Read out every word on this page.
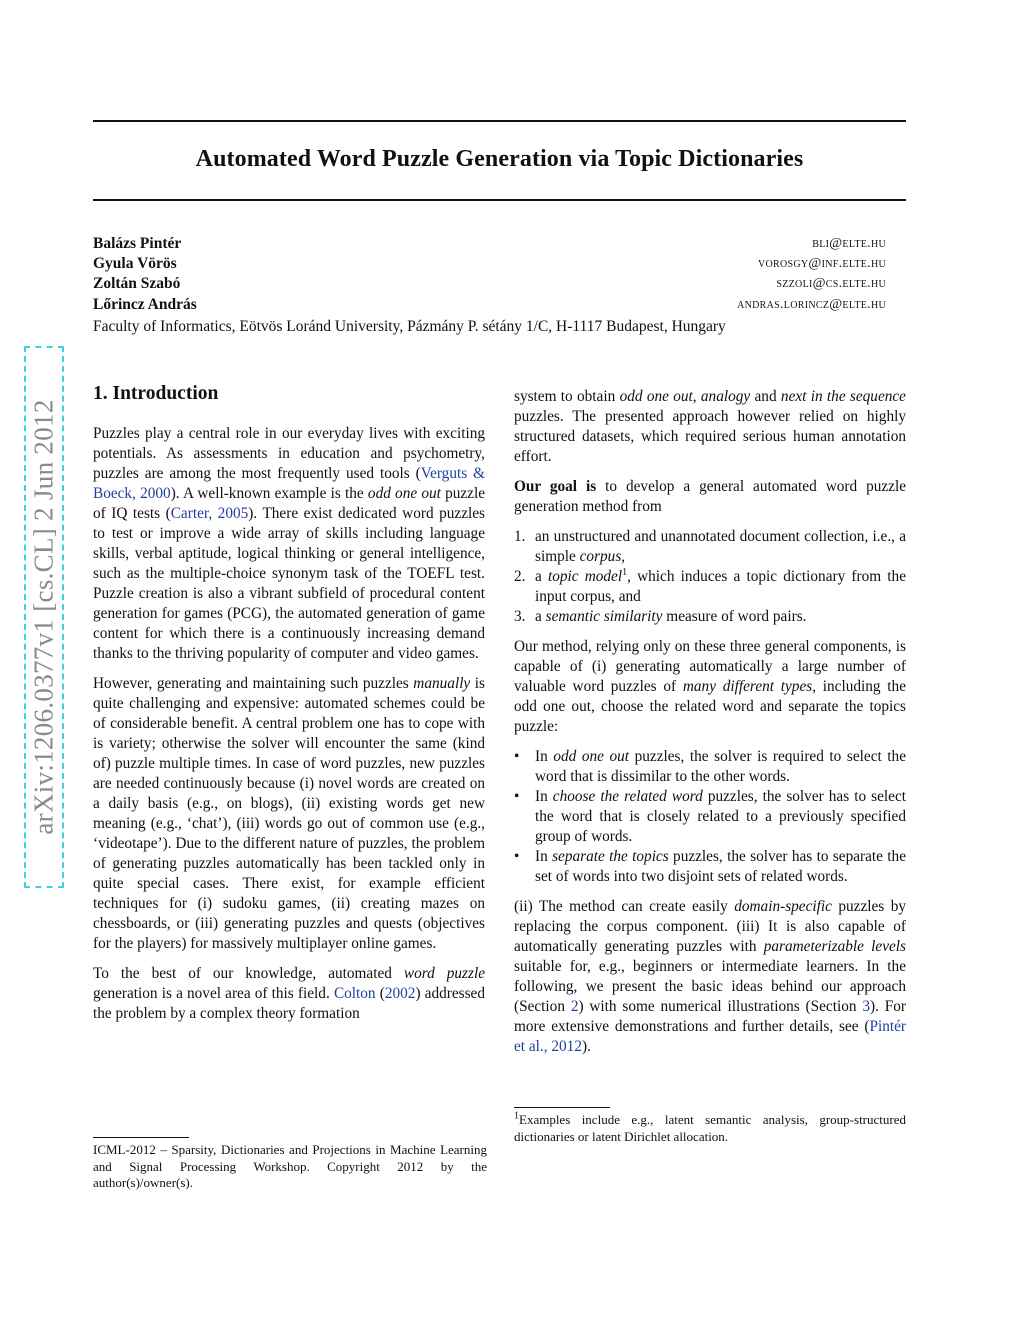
Automated Word Puzzle Generation via Topic Dictionaries
Balázs Pintér	bli@elte.hu
Gyula Vörös	vorosgy@inf.elte.hu
Zoltán Szabó	szzoli@cs.elte.hu
Lőrincz András	andras.lorincz@elte.hu
Faculty of Informatics, Eötvös Loránd University, Pázmány P. sétány 1/C, H-1117 Budapest, Hungary
arXiv:1206.0377v1 [cs.CL] 2 Jun 2012
1. Introduction

Puzzles play a central role in our everyday lives with exciting potentials. As assessments in education and psychometry, puzzles are among the most frequently used tools (Verguts & Boeck, 2000). A well-known example is the odd one out puzzle of IQ tests (Carter, 2005). There exist dedicated word puzzles to test or improve a wide array of skills including language skills, verbal aptitude, logical thinking or general intelligence, such as the multiple-choice synonym task of the TOEFL test. Puzzle creation is also a vibrant subfield of procedural content generation for games (PCG), the automated generation of game content for which there is a continuously increasing demand thanks to the thriving popularity of computer and video games.

However, generating and maintaining such puzzles manually is quite challenging and expensive: automated schemes could be of considerable benefit. A central problem one has to cope with is variety; otherwise the solver will encounter the same (kind of) puzzle multiple times. In case of word puzzles, new puzzles are needed continuously because (i) novel words are created on a daily basis (e.g., on blogs), (ii) existing words get new meaning (e.g., ‘chat’), (iii) words go out of common use (e.g., ‘videotape’). Due to the different nature of puzzles, the problem of generating puzzles automatically has been tackled only in quite special cases. There exist, for example efficient techniques for (i) sudoku games, (ii) creating mazes on chessboards, or (iii) generating puzzles and quests (objectives for the players) for massively multiplayer online games.

To the best of our knowledge, automated word puzzle generation is a novel area of this field. Colton (2002) addressed the problem by a complex theory formation

ICML-2012 – Sparsity, Dictionaries and Projections in Machine Learning and Signal Processing Workshop. Copyright 2012 by the author(s)/owner(s).

system to obtain odd one out, analogy and next in the sequence puzzles. The presented approach however relied on highly structured datasets, which required serious human annotation effort.

Our goal is to develop a general automated word puzzle generation method from

1. an unstructured and unannotated document collection, i.e., a simple corpus,
2. a topic model$^1$, which induces a topic dictionary from the input corpus, and
3. a semantic similarity measure of word pairs.

Our method, relying only on these three general components, is capable of (i) generating automatically a large number of valuable word puzzles of many different types, including the odd one out, choose the related word and separate the topics puzzle:

• In odd one out puzzles, the solver is required to select the word that is dissimilar to the other words.
• In choose the related word puzzles, the solver has to select the word that is closely related to a previously specified group of words.
• In separate the topics puzzles, the solver has to separate the set of words into two disjoint sets of related words.

(ii) The method can create easily domain-specific puzzles by replacing the corpus component. (iii) It is also capable of automatically generating puzzles with parameterizable levels suitable for, e.g., beginners or intermediate learners. In the following, we present the basic ideas behind our approach (Section 2) with some numerical illustrations (Section 3). For more extensive demonstrations and further details, see (Pintér et al., 2012).

$^1$Examples include e.g., latent semantic analysis, group-structured dictionaries or latent Dirichlet allocation.
